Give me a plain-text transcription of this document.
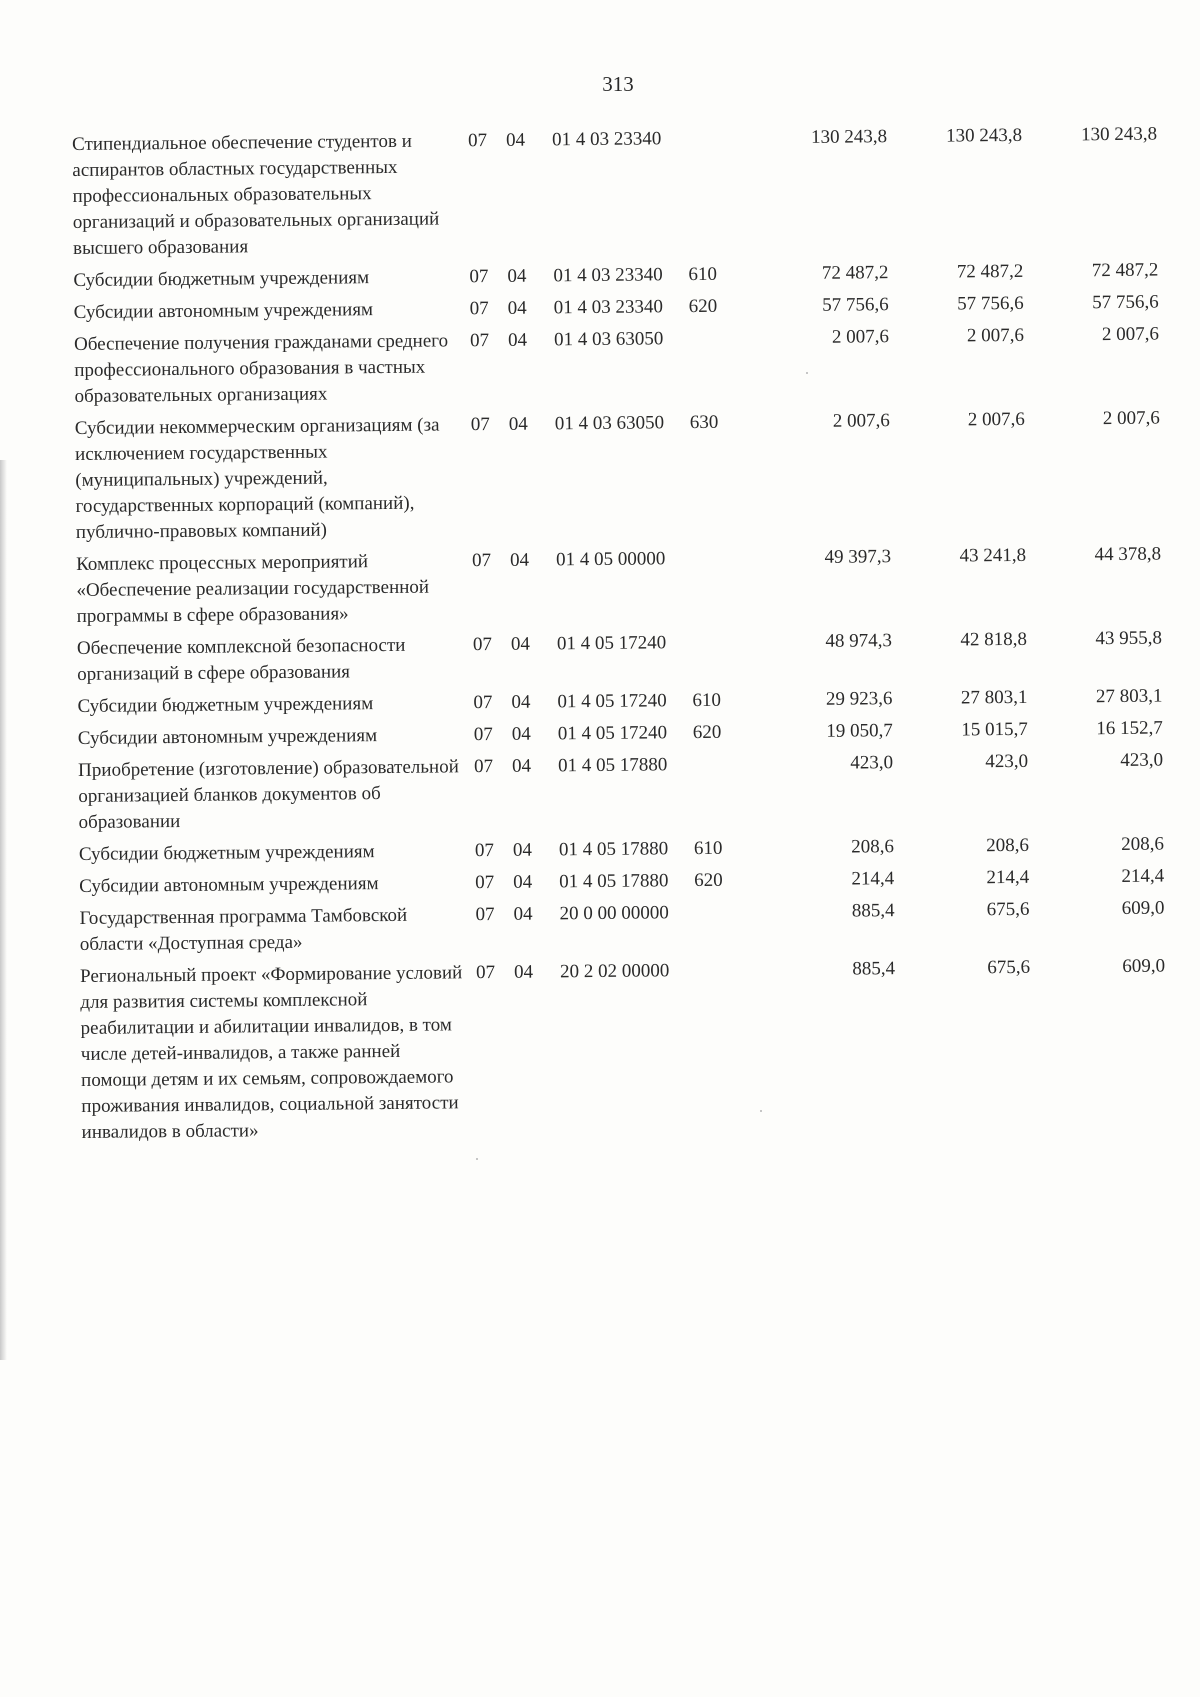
313
Стипендиальное обеспечение студентов и аспирантов областных государственных профессиональных образовательных организаций и образовательных организаций высшего образования	07	04	01 4 03 23340		130 243,8	130 243,8	130 243,8
Субсидии бюджетным учреждениям	07	04	01 4 03 23340	610	72 487,2	72 487,2	72 487,2
Субсидии автономным учреждениям	07	04	01 4 03 23340	620	57 756,6	57 756,6	57 756,6
Обеспечение получения гражданами среднего профессионального образования в частных образовательных организациях	07	04	01 4 03 63050		2 007,6	2 007,6	2 007,6
Субсидии некоммерческим организациям (за исключением государственных (муниципальных) учреждений, государственных корпораций (компаний), публично-правовых компаний)	07	04	01 4 03 63050	630	2 007,6	2 007,6	2 007,6
Комплекс процессных мероприятий «Обеспечение реализации государственной программы в сфере образования»	07	04	01 4 05 00000		49 397,3	43 241,8	44 378,8
Обеспечение комплексной безопасности организаций в сфере образования	07	04	01 4 05 17240		48 974,3	42 818,8	43 955,8
Субсидии бюджетным учреждениям	07	04	01 4 05 17240	610	29 923,6	27 803,1	27 803,1
Субсидии автономным учреждениям	07	04	01 4 05 17240	620	19 050,7	15 015,7	16 152,7
Приобретение (изготовление) образовательной организацией бланков документов об образовании	07	04	01 4 05 17880		423,0	423,0	423,0
Субсидии бюджетным учреждениям	07	04	01 4 05 17880	610	208,6	208,6	208,6
Субсидии автономным учреждениям	07	04	01 4 05 17880	620	214,4	214,4	214,4
Государственная программа Тамбовской области «Доступная среда»	07	04	20 0 00 00000		885,4	675,6	609,0
Региональный проект «Формирование условий для развития системы комплексной реабилитации и абилитации инвалидов, в том числе детей-инвалидов, а также ранней помощи детям и их семьям, сопровождаемого проживания инвалидов, социальной занятости инвалидов в области»	07	04	20 2 02 00000		885,4	675,6	609,0
